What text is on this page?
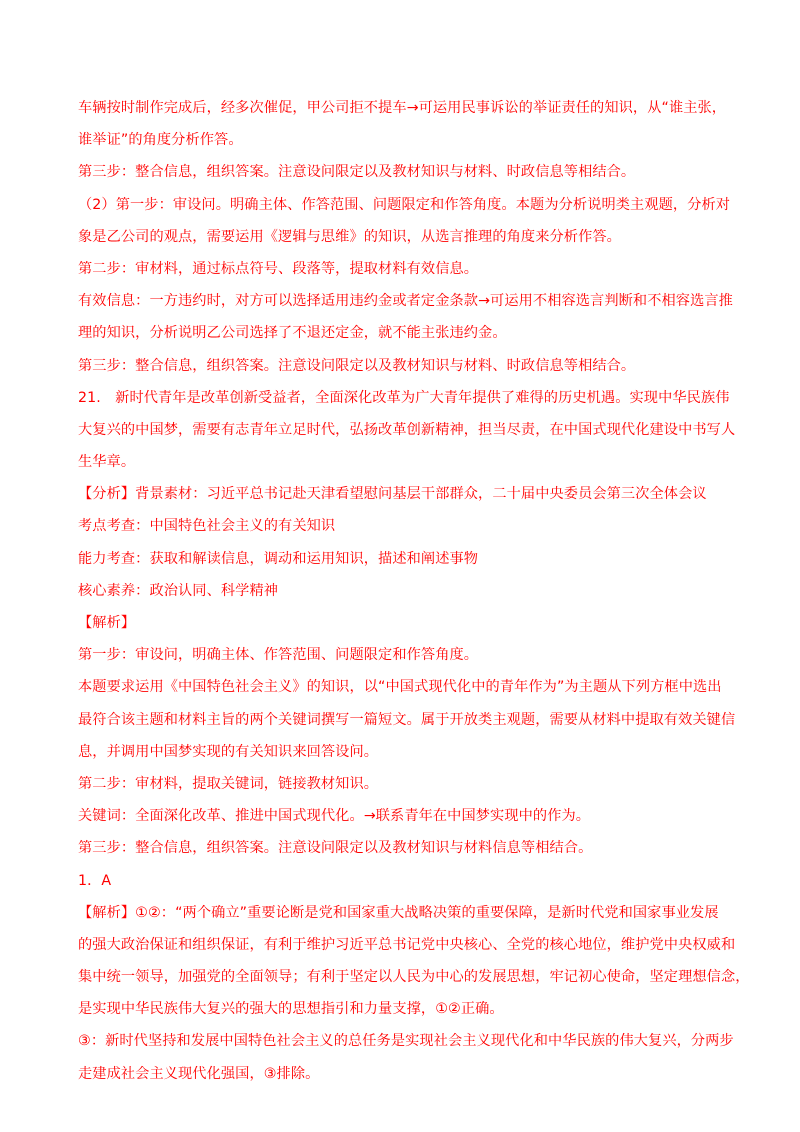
车辆按时制作完成后，经多次催促，甲公司拒不提车→可运用民事诉讼的举证责任的知识，从“谁主张，
谁举证”的角度分析作答。
第三步：整合信息，组织答案。注意设问限定以及教材知识与材料、时政信息等相结合。
（2）第一步：审设问。明确主体、作答范围、问题限定和作答角度。本题为分析说明类主观题，分析对
象是乙公司的观点，需要运用《逻辑与思维》的知识，从选言推理的角度来分析作答。
第二步：审材料，通过标点符号、段落等，提取材料有效信息。
有效信息：一方违约时，对方可以选择适用违约金或者定金条款→可运用不相容选言判断和不相容选言推
理的知识，分析说明乙公司选择了不退还定金，就不能主张违约金。
第三步：整合信息，组织答案。注意设问限定以及教材知识与材料、时政信息等相结合。
21.　新时代青年是改革创新受益者，全面深化改革为广大青年提供了难得的历史机遇。实现中华民族伟
大复兴的中国梦，需要有志青年立足时代，弘扬改革创新精神，担当尽责，在中国式现代化建设中书写人
生华章。
【分析】背景素材：习近平总书记赴天津看望慰问基层干部群众，二十届中央委员会第三次全体会议
考点考查：中国特色社会主义的有关知识
能力考查：获取和解读信息，调动和运用知识，描述和阐述事物
核心素养：政治认同、科学精神
【解析】
第一步：审设问，明确主体、作答范围、问题限定和作答角度。
本题要求运用《中国特色社会主义》的知识，以“中国式现代化中的青年作为”为主题从下列方框中选出
最符合该主题和材料主旨的两个关键词撰写一篇短文。属于开放类主观题，需要从材料中提取有效关键信
息，并调用中国梦实现的有关知识来回答设问。
第二步：审材料，提取关键词，链接教材知识。
关键词：全面深化改革、推进中国式现代化。→联系青年在中国梦实现中的作为。
第三步：整合信息，组织答案。注意设问限定以及教材知识与材料信息等相结合。
1．A
【解析】①②：“两个确立”重要论断是党和国家重大战略决策的重要保障，是新时代党和国家事业发展
的强大政治保证和组织保证，有利于维护习近平总书记党中央核心、全党的核心地位，维护党中央权威和
集中统一领导，加强党的全面领导；有利于坚定以人民为中心的发展思想，牢记初心使命，坚定理想信念，
是实现中华民族伟大复兴的强大的思想指引和力量支撑，①②正确。
③：新时代坚持和发展中国特色社会主义的总任务是实现社会主义现代化和中华民族的伟大复兴，分两步
走建成社会主义现代化强国，③排除。
